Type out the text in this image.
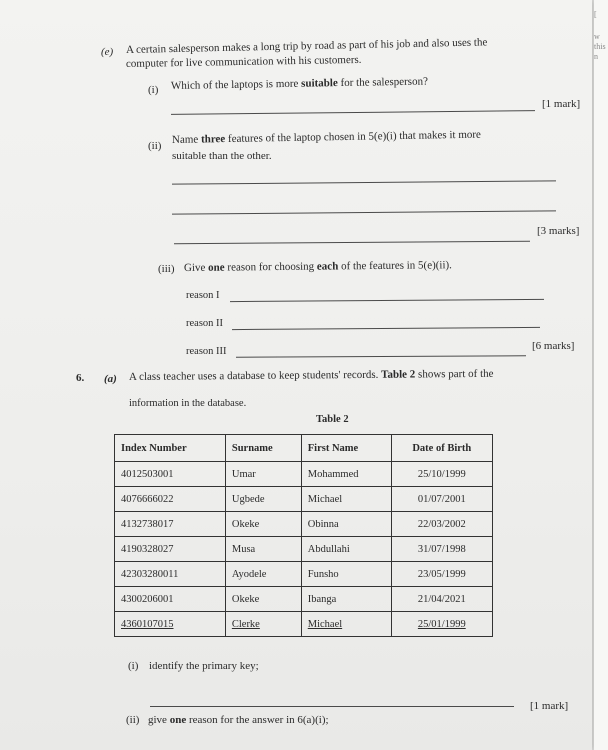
(e) A certain salesperson makes a long trip by road as part of his job and also uses the
computer for live communication with his customers.
(i) Which of the laptops is more suitable for the salesperson?
[1 mark]
(ii)
Name three features of the laptop chosen in 5(e)(i) that makes it more
suitable than the other.
[3 marks]
(iii) Give one reason for choosing each of the features in 5(e)(ii).
reason I
reason II
reason III	[6 marks]
6. (a) A class teacher uses a database to keep students' records. Table 2 shows part of the
information in the database.
Table 2
Index Number	Surname	First Name	Date of Birth
4012503001	Umar	Mohammed	25/10/1999
4076666022	Ugbede	Michael	01/07/2001
4132738017	Okeke	Obinna	22/03/2002
4190328027	Musa	Abdullahi	31/07/1998
42303280011	Ayodele	Funsho	23/05/1999
4300206001	Okeke	Ibanga	21/04/2021
4360107015	Clerke	Michael	25/01/1999
(i) identify the primary key;
[1 mark]
(ii) give one reason for the answer in 6(a)(i);
[
w
this
n
